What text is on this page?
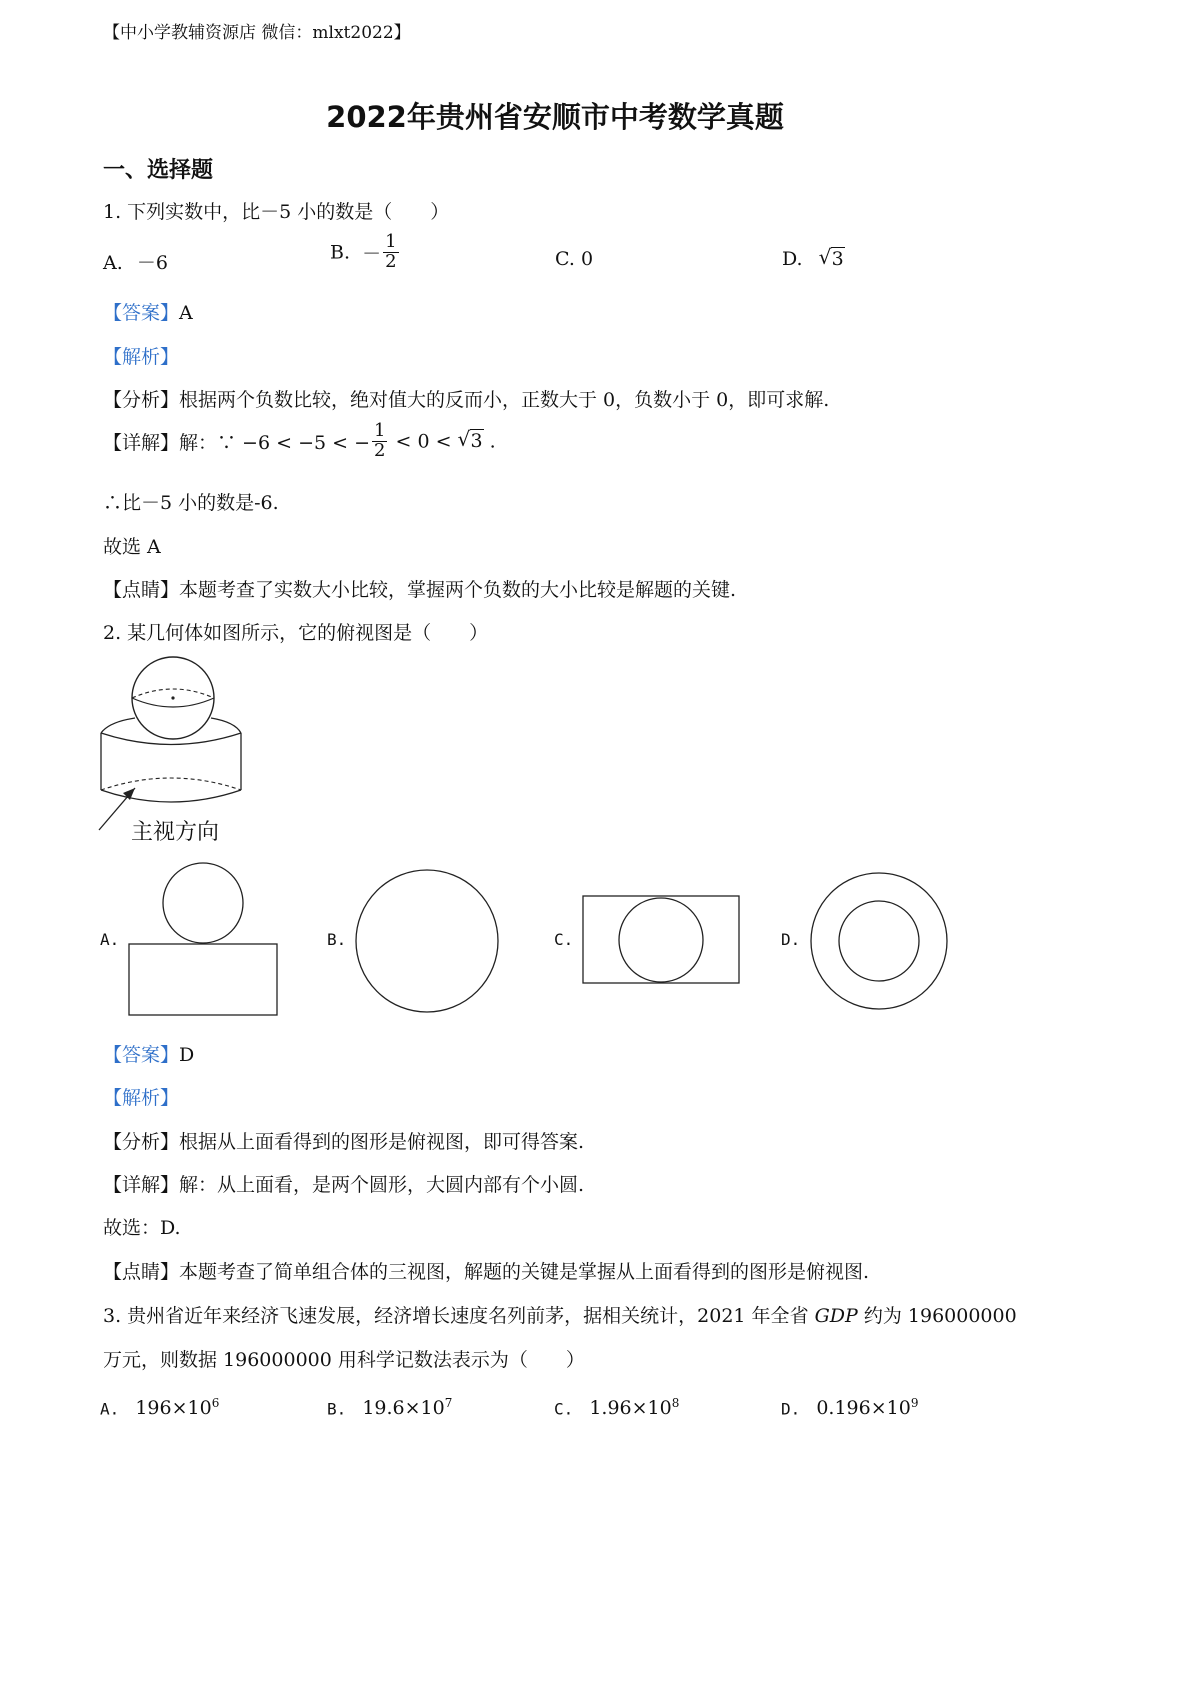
【中小学教辅资源店 微信：mlxt2022】
2022年贵州省安顺市中考数学真题
一、选择题
1. 下列实数中，比－5 小的数是（　　）
A. －6	B. － $\frac{1}{2}$	C. 0	D. √ 3
【答案】A
【解析】
【分析】根据两个负数比较，绝对值大的反而小，正数大于 0，负数小于 0，即可求解.
【详解】解：∵ −6 < −5 < − $\frac{1}{2} < 0$ < √ 3 .
∴比－5 小的数是-6.
故选 A
【点睛】本题考查了实数大小比较，掌握两个负数的大小比较是解题的关键.
2. 某几何体如图所示，它的俯视图是（　　）
主视方向
A.	B.	C.	D.
【答案】D
【解析】
【分析】根据从上面看得到的图形是俯视图，即可得答案.
【详解】解：从上面看，是两个圆形，大圆内部有个小圆.
故选：D.
【点睛】本题考查了简单组合体的三视图，解题的关键是掌握从上面看得到的图形是俯视图.
3. 贵州省近年来经济飞速发展，经济增长速度名列前茅，据相关统计，2021 年全省 GDP 约为 196000000
万元，则数据 196000000 用科学记数法表示为（　　）
A. $196\times 10^6$	B. $19.6\times 10^7$	C. $1.96\times 10^8$	D. $0.196\times 10^9$
